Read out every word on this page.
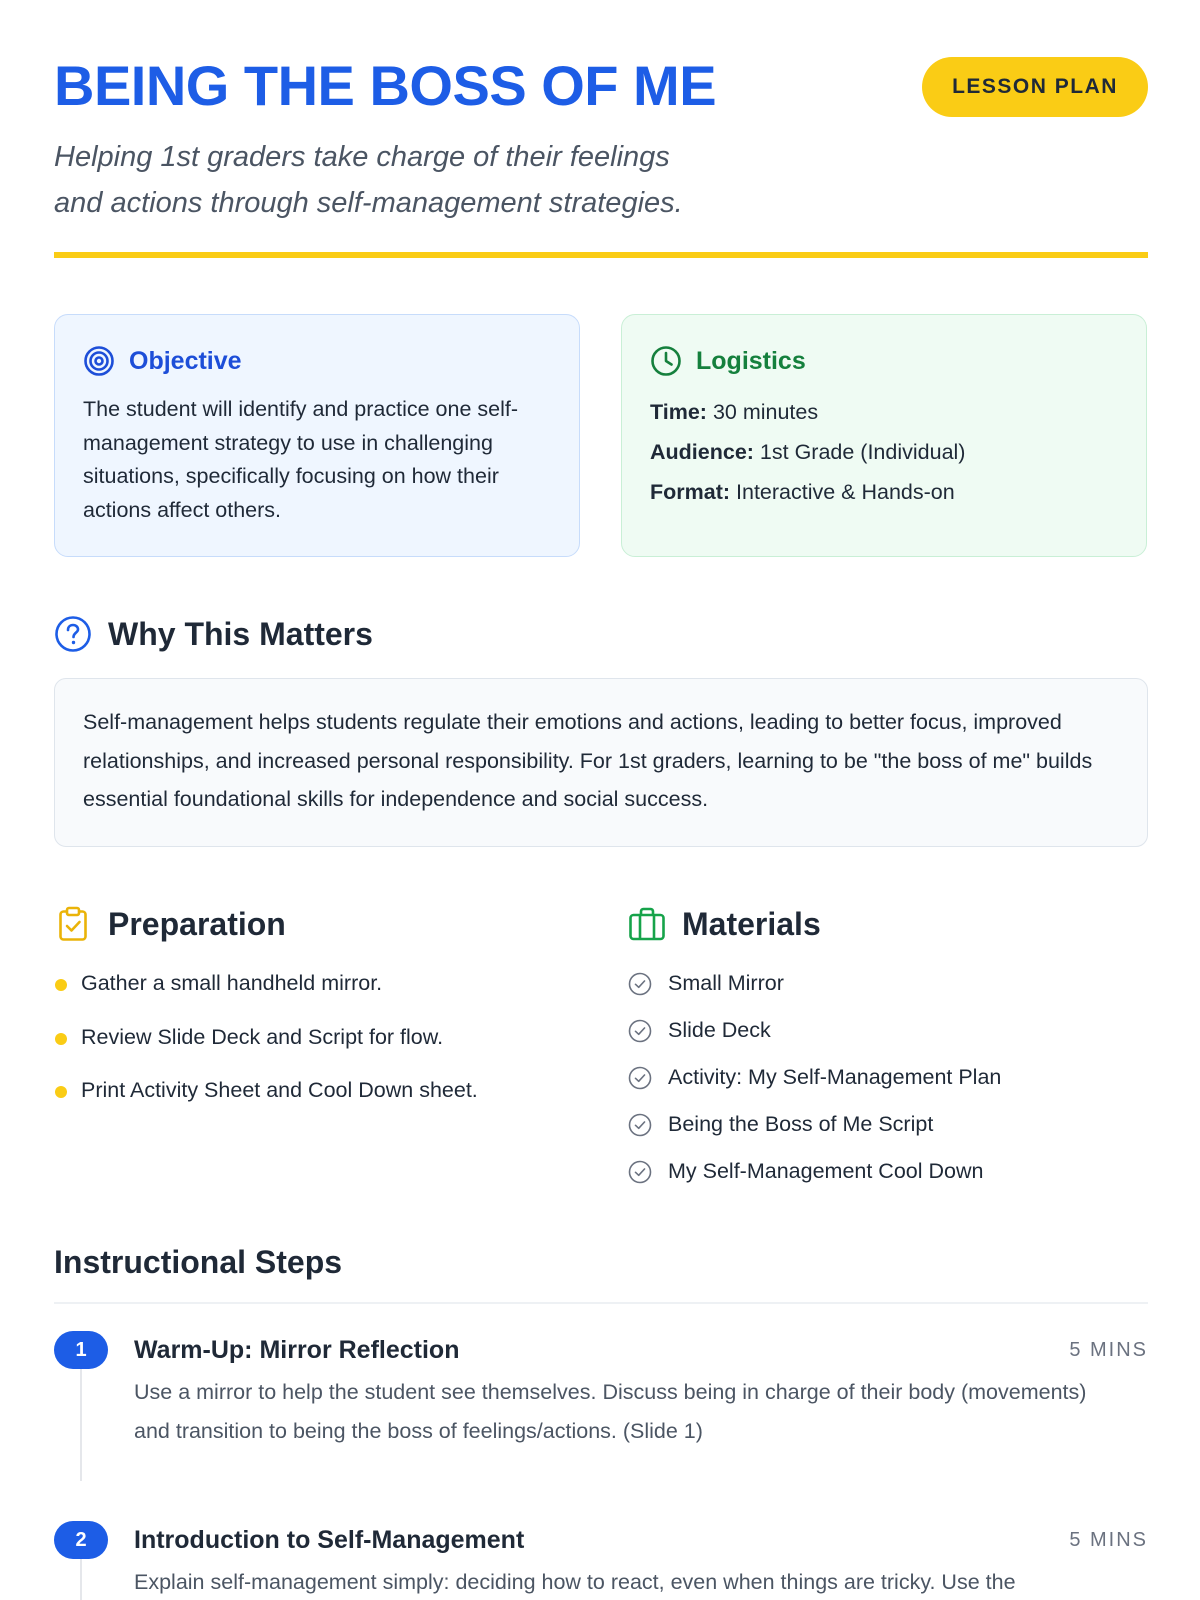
BEING THE BOSS OF ME	LESSON PLAN
Helping 1st graders take charge of their feelings
and actions through self-management strategies.
Objective

The student will identify and practice one self-management strategy to use in challenging situations, specifically focusing on how their actions affect others.

Logistics
Time: 30 minutes
Audience: 1st Grade (Individual)
Format: Interactive & Hands-on
Why This Matters
Self-management helps students regulate their emotions and actions, leading to better focus, improved relationships, and increased personal responsibility. For 1st graders, learning to be "the boss of me" builds essential foundational skills for independence and social success.
Preparation
Gather a small handheld mirror.
Review Slide Deck and Script for flow.
Print Activity Sheet and Cool Down sheet.
Materials
Small Mirror
Slide Deck
Activity: My Self-Management Plan
Being the Boss of Me Script
My Self-Management Cool Down
Instructional Steps
1	Warm-Up: Mirror Reflection	5 MINS
Use a mirror to help the student see themselves. Discuss being in charge of their body (movements) and transition to being the boss of feelings/actions. (Slide 1)
2	Introduction to Self-Management	5 MINS
Explain self-management simply: deciding how to react, even when things are tricky. Use the
